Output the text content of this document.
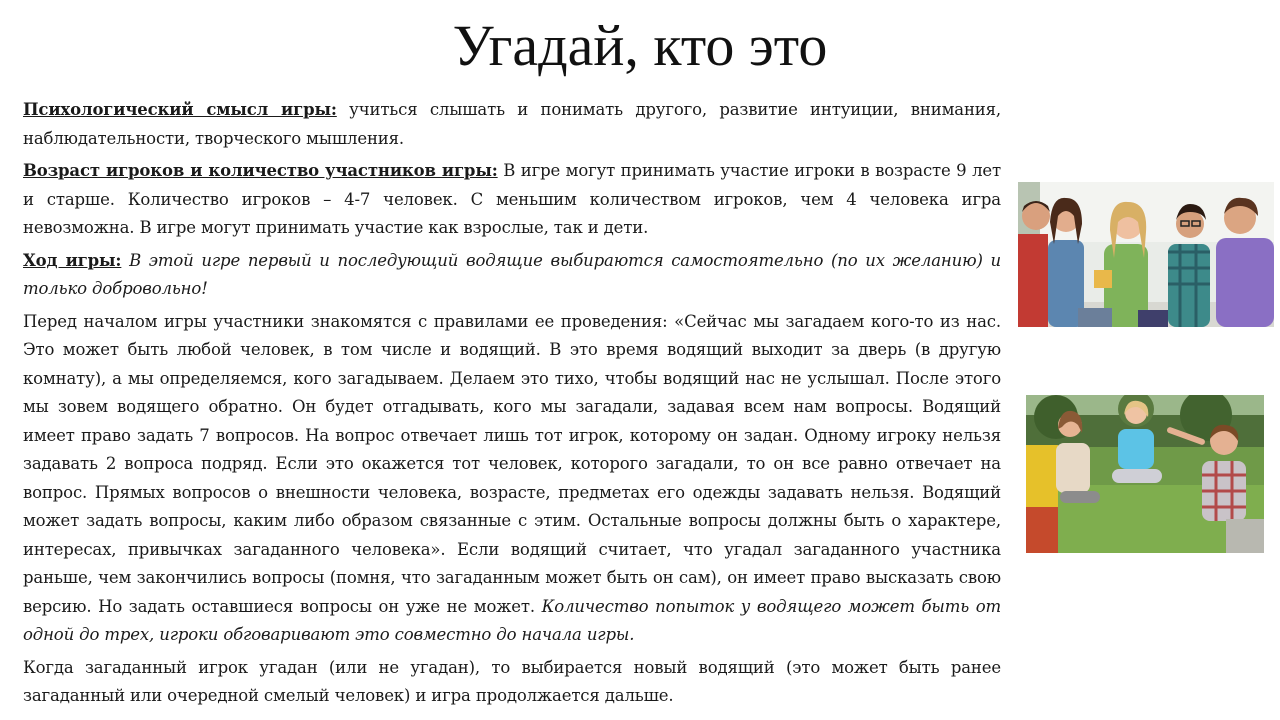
Угадай, кто это

Психологический смысл игры: учиться слышать и понимать другого, развитие интуиции, внимания, наблюдательности, творческого мышления.

Возраст игроков и количество участников игры: В игре могут принимать участие игроки в возрасте 9 лет и старше. Количество игроков – 4-7 человек. С меньшим количеством игроков, чем 4 человека игра невозможна. В игре могут принимать участие как взрослые, так и дети.

Ход игры: В этой игре первый и последующий водящие выбираются самостоятельно (по их желанию) и только добровольно!

Перед началом игры участники знакомятся с правилами ее проведения: «Сейчас мы загадаем кого-то из нас. Это может быть любой человек, в том числе и водящий. В это время водящий выходит за дверь (в другую комнату), а мы определяемся, кого загадываем. Делаем это тихо, чтобы водящий нас не услышал. После этого мы зовем водящего обратно. Он будет отгадывать, кого мы загадали, задавая всем нам вопросы. Водящий имеет право задать 7 вопросов. На вопрос отвечает лишь тот игрок, которому он задан. Одному игроку нельзя задавать 2 вопроса подряд. Если это окажется тот человек, которого загадали, то он все равно отвечает на вопрос. Прямых вопросов о внешности человека, возрасте, предметах его одежды задавать нельзя. Водящий может задать вопросы, каким либо образом связанные с этим. Остальные вопросы должны быть о характере, интересах, привычках загаданного человека». Если водящий считает, что угадал загаданного участника раньше, чем закончились вопросы (помня, что загаданным может быть он сам), он имеет право высказать свою версию. Но задать оставшиеся вопросы он уже не может. Количество попыток у водящего может быть от одной до трех, игроки обговаривают это совместно до начала игры.

Когда загаданный игрок угадан (или не угадан), то выбирается новый водящий (это может быть ранее загаданный или очередной смелый человек) и игра продолжается дальше.
